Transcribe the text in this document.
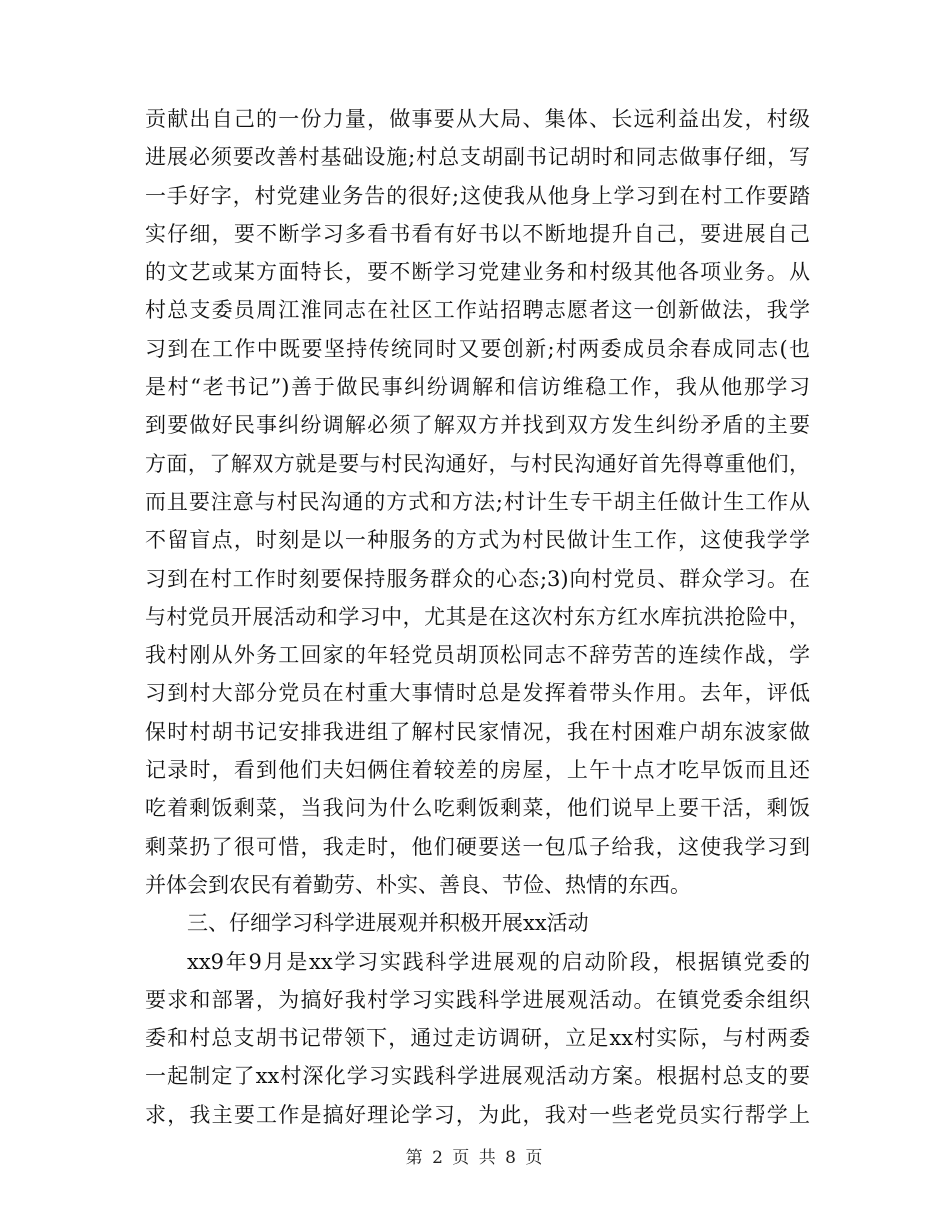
贡献出自己的一份力量，做事要从大局、集体、长远利益出发，村级
进展必须要改善村基础设施;村总支胡副书记胡时和同志做事仔细，写
一手好字，村党建业务告的很好;这使我从他身上学习到在村工作要踏
实仔细，要不断学习多看书看有好书以不断地提升自己，要进展自己
的文艺或某方面特长，要不断学习党建业务和村级其他各项业务。从
村总支委员周江淮同志在社区工作站招聘志愿者这一创新做法，我学
习到在工作中既要坚持传统同时又要创新;村两委成员余春成同志(也
是村“老书记”)善于做民事纠纷调解和信访维稳工作，我从他那学习
到要做好民事纠纷调解必须了解双方并找到双方发生纠纷矛盾的主要
方面，了解双方就是要与村民沟通好，与村民沟通好首先得尊重他们，
而且要注意与村民沟通的方式和方法;村计生专干胡主任做计生工作从
不留盲点，时刻是以一种服务的方式为村民做计生工作，这使我学学
习到在村工作时刻要保持服务群众的心态;3)向村党员、群众学习。在
与村党员开展活动和学习中，尤其是在这次村东方红水库抗洪抢险中，
我村刚从外务工回家的年轻党员胡顶松同志不辞劳苦的连续作战，学
习到村大部分党员在村重大事情时总是发挥着带头作用。去年，评低
保时村胡书记安排我进组了解村民家情况，我在村困难户胡东波家做
记录时，看到他们夫妇俩住着较差的房屋，上午十点才吃早饭而且还
吃着剩饭剩菜，当我问为什么吃剩饭剩菜，他们说早上要干活，剩饭
剩菜扔了很可惜，我走时，他们硬要送一包瓜子给我，这使我学习到
并体会到农民有着勤劳、朴实、善良、节俭、热情的东西。
三、仔细学习科学进展观并积极开展xx活动
xx9年9月是xx学习实践科学进展观的启动阶段，根据镇党委的
要求和部署，为搞好我村学习实践科学进展观活动。在镇党委余组织
委和村总支胡书记带领下，通过走访调研，立足xx村实际，与村两委
一起制定了xx村深化学习实践科学进展观活动方案。根据村总支的要
求，我主要工作是搞好理论学习，为此，我对一些老党员实行帮学上
第 2 页 共 8 页
